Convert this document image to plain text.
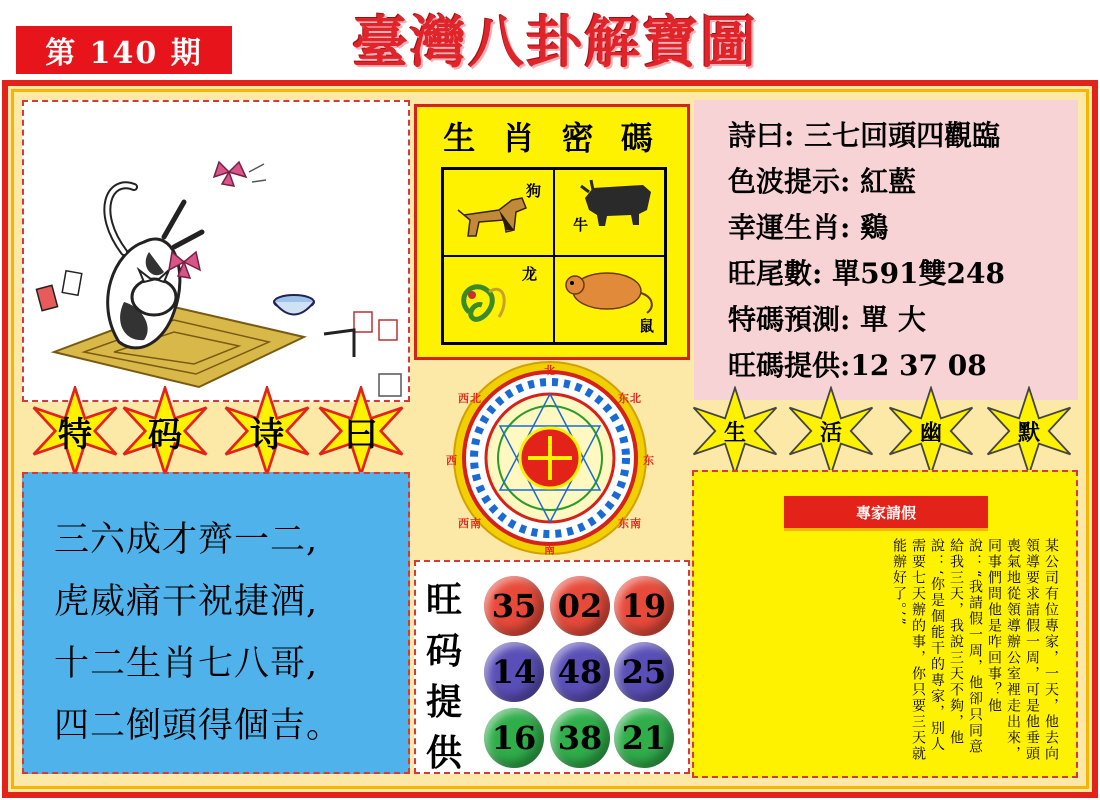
第 140 期	臺灣八卦解寶圖
生 肖 密 碼
狗
牛
龙
鼠
詩曰: 三七回頭四觀臨
色波提示: 紅藍
幸運生肖: 鷄
旺尾數: 單591雙248
特碼預測: 單 大
旺碼提供:12 37 08
特 码 诗 曰	生	活	幽	默
西 北	东 北
西 南	东 南
西	东
北
南
三六成才齊一二,
虎威痛干祝捷酒,
十二生肖七八哥,
四二倒頭得個吉。
旺
码
提
供
35 02 19
14 48 25
16 38 21
專家請假
某公司有位專家，一天，他去向領導要求請假一周，可是他垂頭喪氣地從領導辦公室裡走出來，同事們問他是咋回事？他說：“我請假一周，他卻只同意給我三天，我說三天不夠，他說：‘你是個能干的專家，別人需要七天辦的事，你只要三天就能辦好了。’”
